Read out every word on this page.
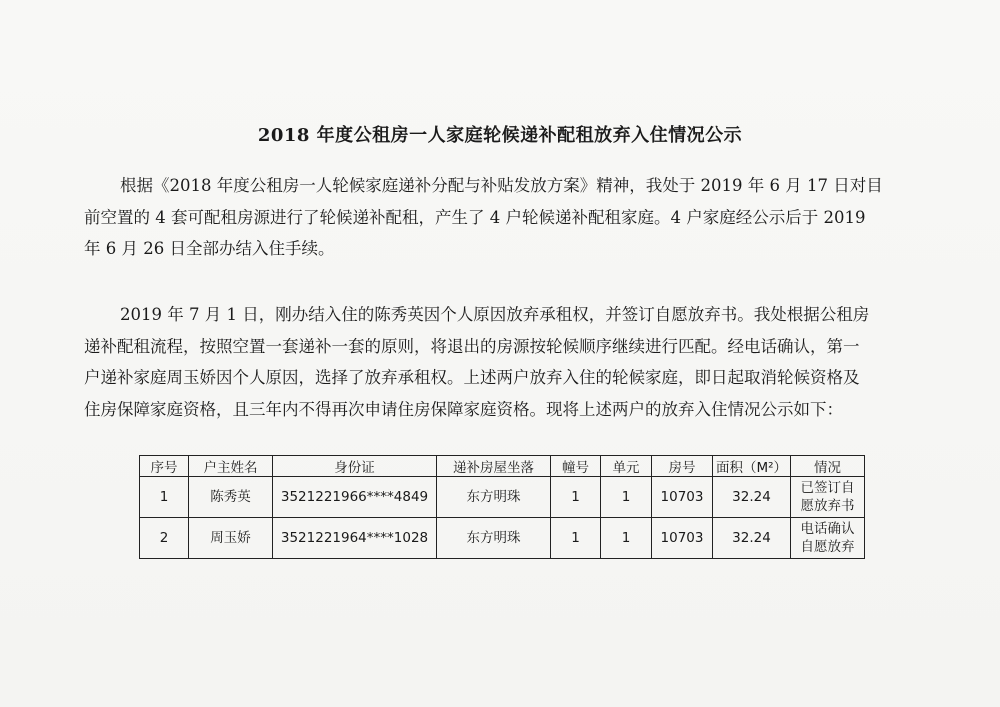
2018 年度公租房一人家庭轮候递补配租放弃入住情况公示
根据《2018 年度公租房一人轮候家庭递补分配与补贴发放方案》精神，我处于 2019 年 6 月 17 日对目
前空置的 4 套可配租房源进行了轮候递补配租，产生了 4 户轮候递补配租家庭。4 户家庭经公示后于 2019
年 6 月 26 日全部办结入住手续。
2019 年 7 月 1 日，刚办结入住的陈秀英因个人原因放弃承租权，并签订自愿放弃书。我处根据公租房
递补配租流程，按照空置一套递补一套的原则，将退出的房源按轮候顺序继续进行匹配。经电话确认，第一
户递补家庭周玉娇因个人原因，选择了放弃承租权。上述两户放弃入住的轮候家庭，即日起取消轮候资格及
住房保障家庭资格，且三年内不得再次申请住房保障家庭资格。现将上述两户的放弃入住情况公示如下：
序号	户主姓名	身份证	递补房屋坐落	幢号	单元	房号	面积（M²）	情况
1	陈秀英	3521221966****4849	东方明珠	1	1	10703	32.24	已签订自愿放弃书
2	周玉娇	3521221964****1028	东方明珠	1	1	10703	32.24	电话确认自愿放弃
